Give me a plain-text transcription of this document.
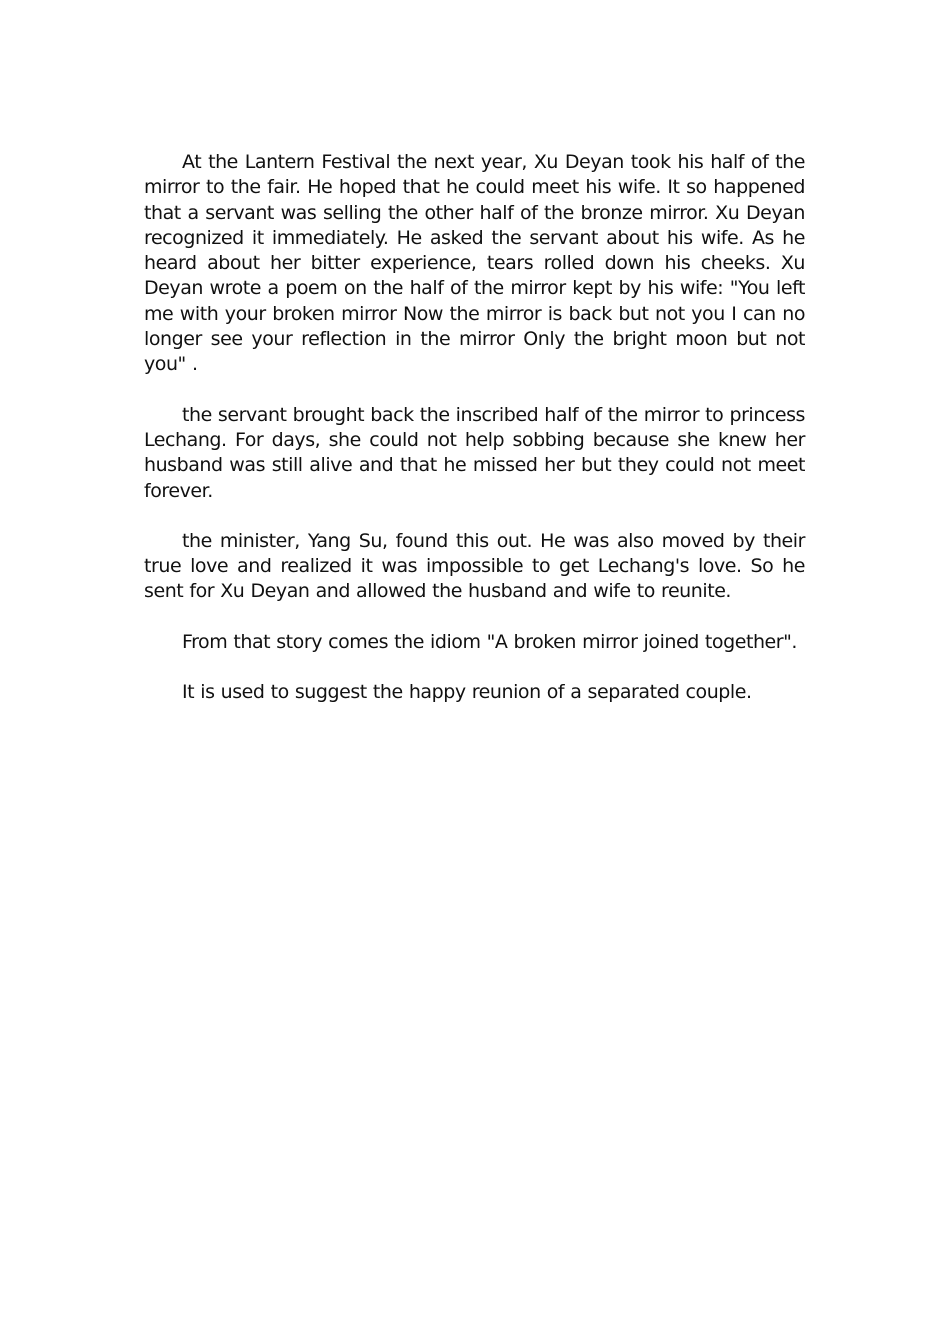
At the Lantern Festival the next year, Xu Deyan took his half of the mirror to the fair. He hoped that he could meet his wife. It so happened that a servant was selling the other half of the bronze mirror. Xu Deyan recognized it immediately. He asked the servant about his wife. As he heard about her bitter experience, tears rolled down his cheeks. Xu Deyan wrote a poem on the half of the mirror kept by his wife: "You left me with your broken mirror Now the mirror is back but not you I can no longer see your reflection in the mirror Only the bright moon but not you" .

the servant brought back the inscribed half of the mirror to princess Lechang. For days, she could not help sobbing because she knew her husband was still alive and that he missed her but they could not meet forever.

the minister, Yang Su, found this out. He was also moved by their true love and realized it was impossible to get Lechang's love. So he sent for Xu Deyan and allowed the husband and wife to reunite.

From that story comes the idiom "A broken mirror joined together".

It is used to suggest the happy reunion of a separated couple.
